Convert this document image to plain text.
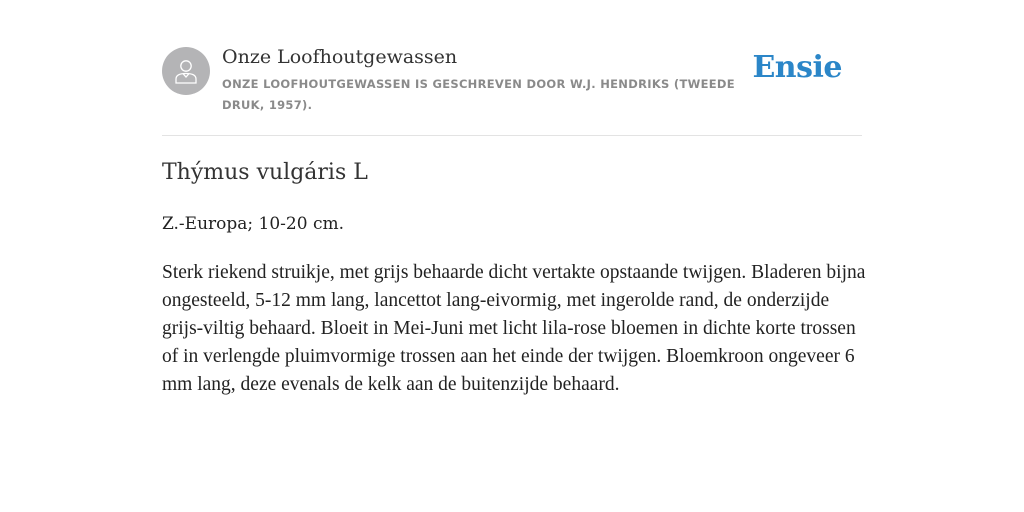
Onze Loofhoutgewassen
ONZE LOOFHOUTGEWASSEN IS GESCHREVEN DOOR W.J. HENDRIKS (TWEEDE DRUK, 1957).
Ensie
Thýmus vulgáris L

Z.-Europa; 10-20 cm.

Sterk riekend struikje, met grijs behaarde dicht vertakte opstaande twijgen. Bladeren bijna ongesteeld, 5-12 mm lang, lancettot lang-eivormig, met ingerolde rand, de onderzijde grijs-viltig behaard. Bloeit in Mei-Juni met licht lila-rose bloemen in dichte korte trossen of in verlengde pluimvormige trossen aan het einde der twijgen. Bloemkroon ongeveer 6 mm lang, deze evenals de kelk aan de buitenzijde behaard.
